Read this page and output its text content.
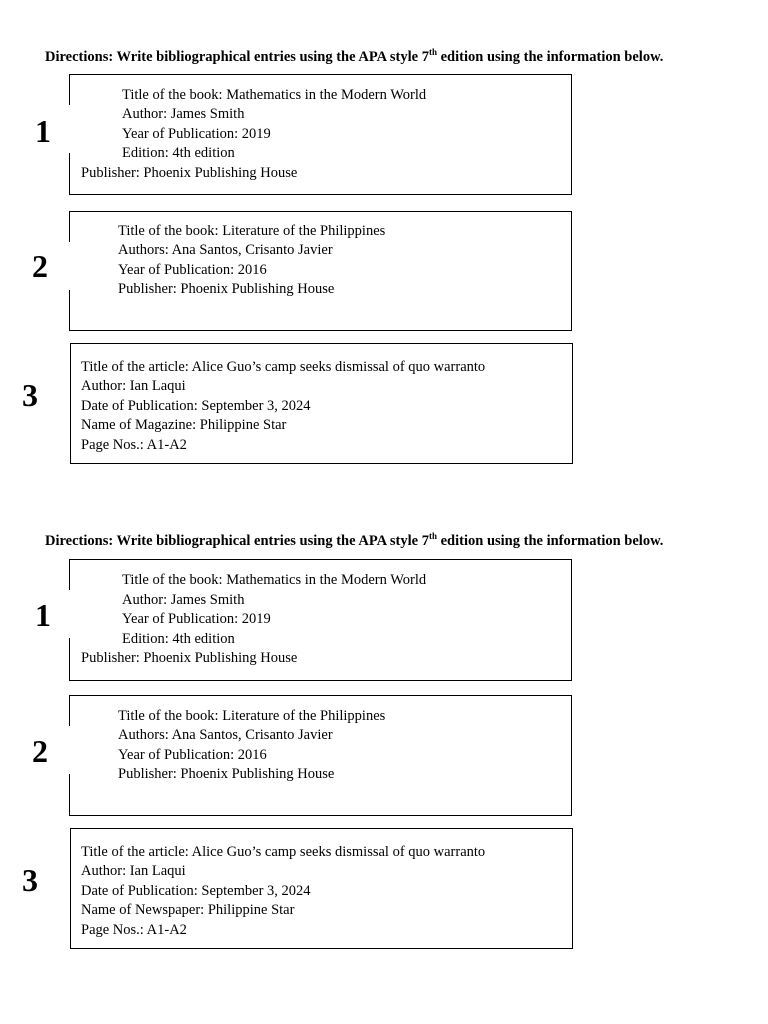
Directions: Write bibliographical entries using the APA style 7th edition using the information below.
1
Title of the book: Mathematics in the Modern World
Author: James Smith
Year of Publication: 2019
Edition: 4th edition
Publisher: Phoenix Publishing House
2
Title of the book: Literature of the Philippines
Authors: Ana Santos, Crisanto Javier
Year of Publication: 2016
Publisher: Phoenix Publishing House
3
Title of the article: Alice Guo’s camp seeks dismissal of quo warranto
Author: Ian Laqui
Date of Publication: September 3, 2024
Name of Magazine: Philippine Star
Page Nos.: A1-A2
Directions: Write bibliographical entries using the APA style 7th edition using the information below.
1
Title of the book: Mathematics in the Modern World
Author: James Smith
Year of Publication: 2019
Edition: 4th edition
Publisher: Phoenix Publishing House
2
Title of the book: Literature of the Philippines
Authors: Ana Santos, Crisanto Javier
Year of Publication: 2016
Publisher: Phoenix Publishing House
3
Title of the article: Alice Guo’s camp seeks dismissal of quo warranto
Author: Ian Laqui
Date of Publication: September 3, 2024
Name of Newspaper: Philippine Star
Page Nos.: A1-A2
